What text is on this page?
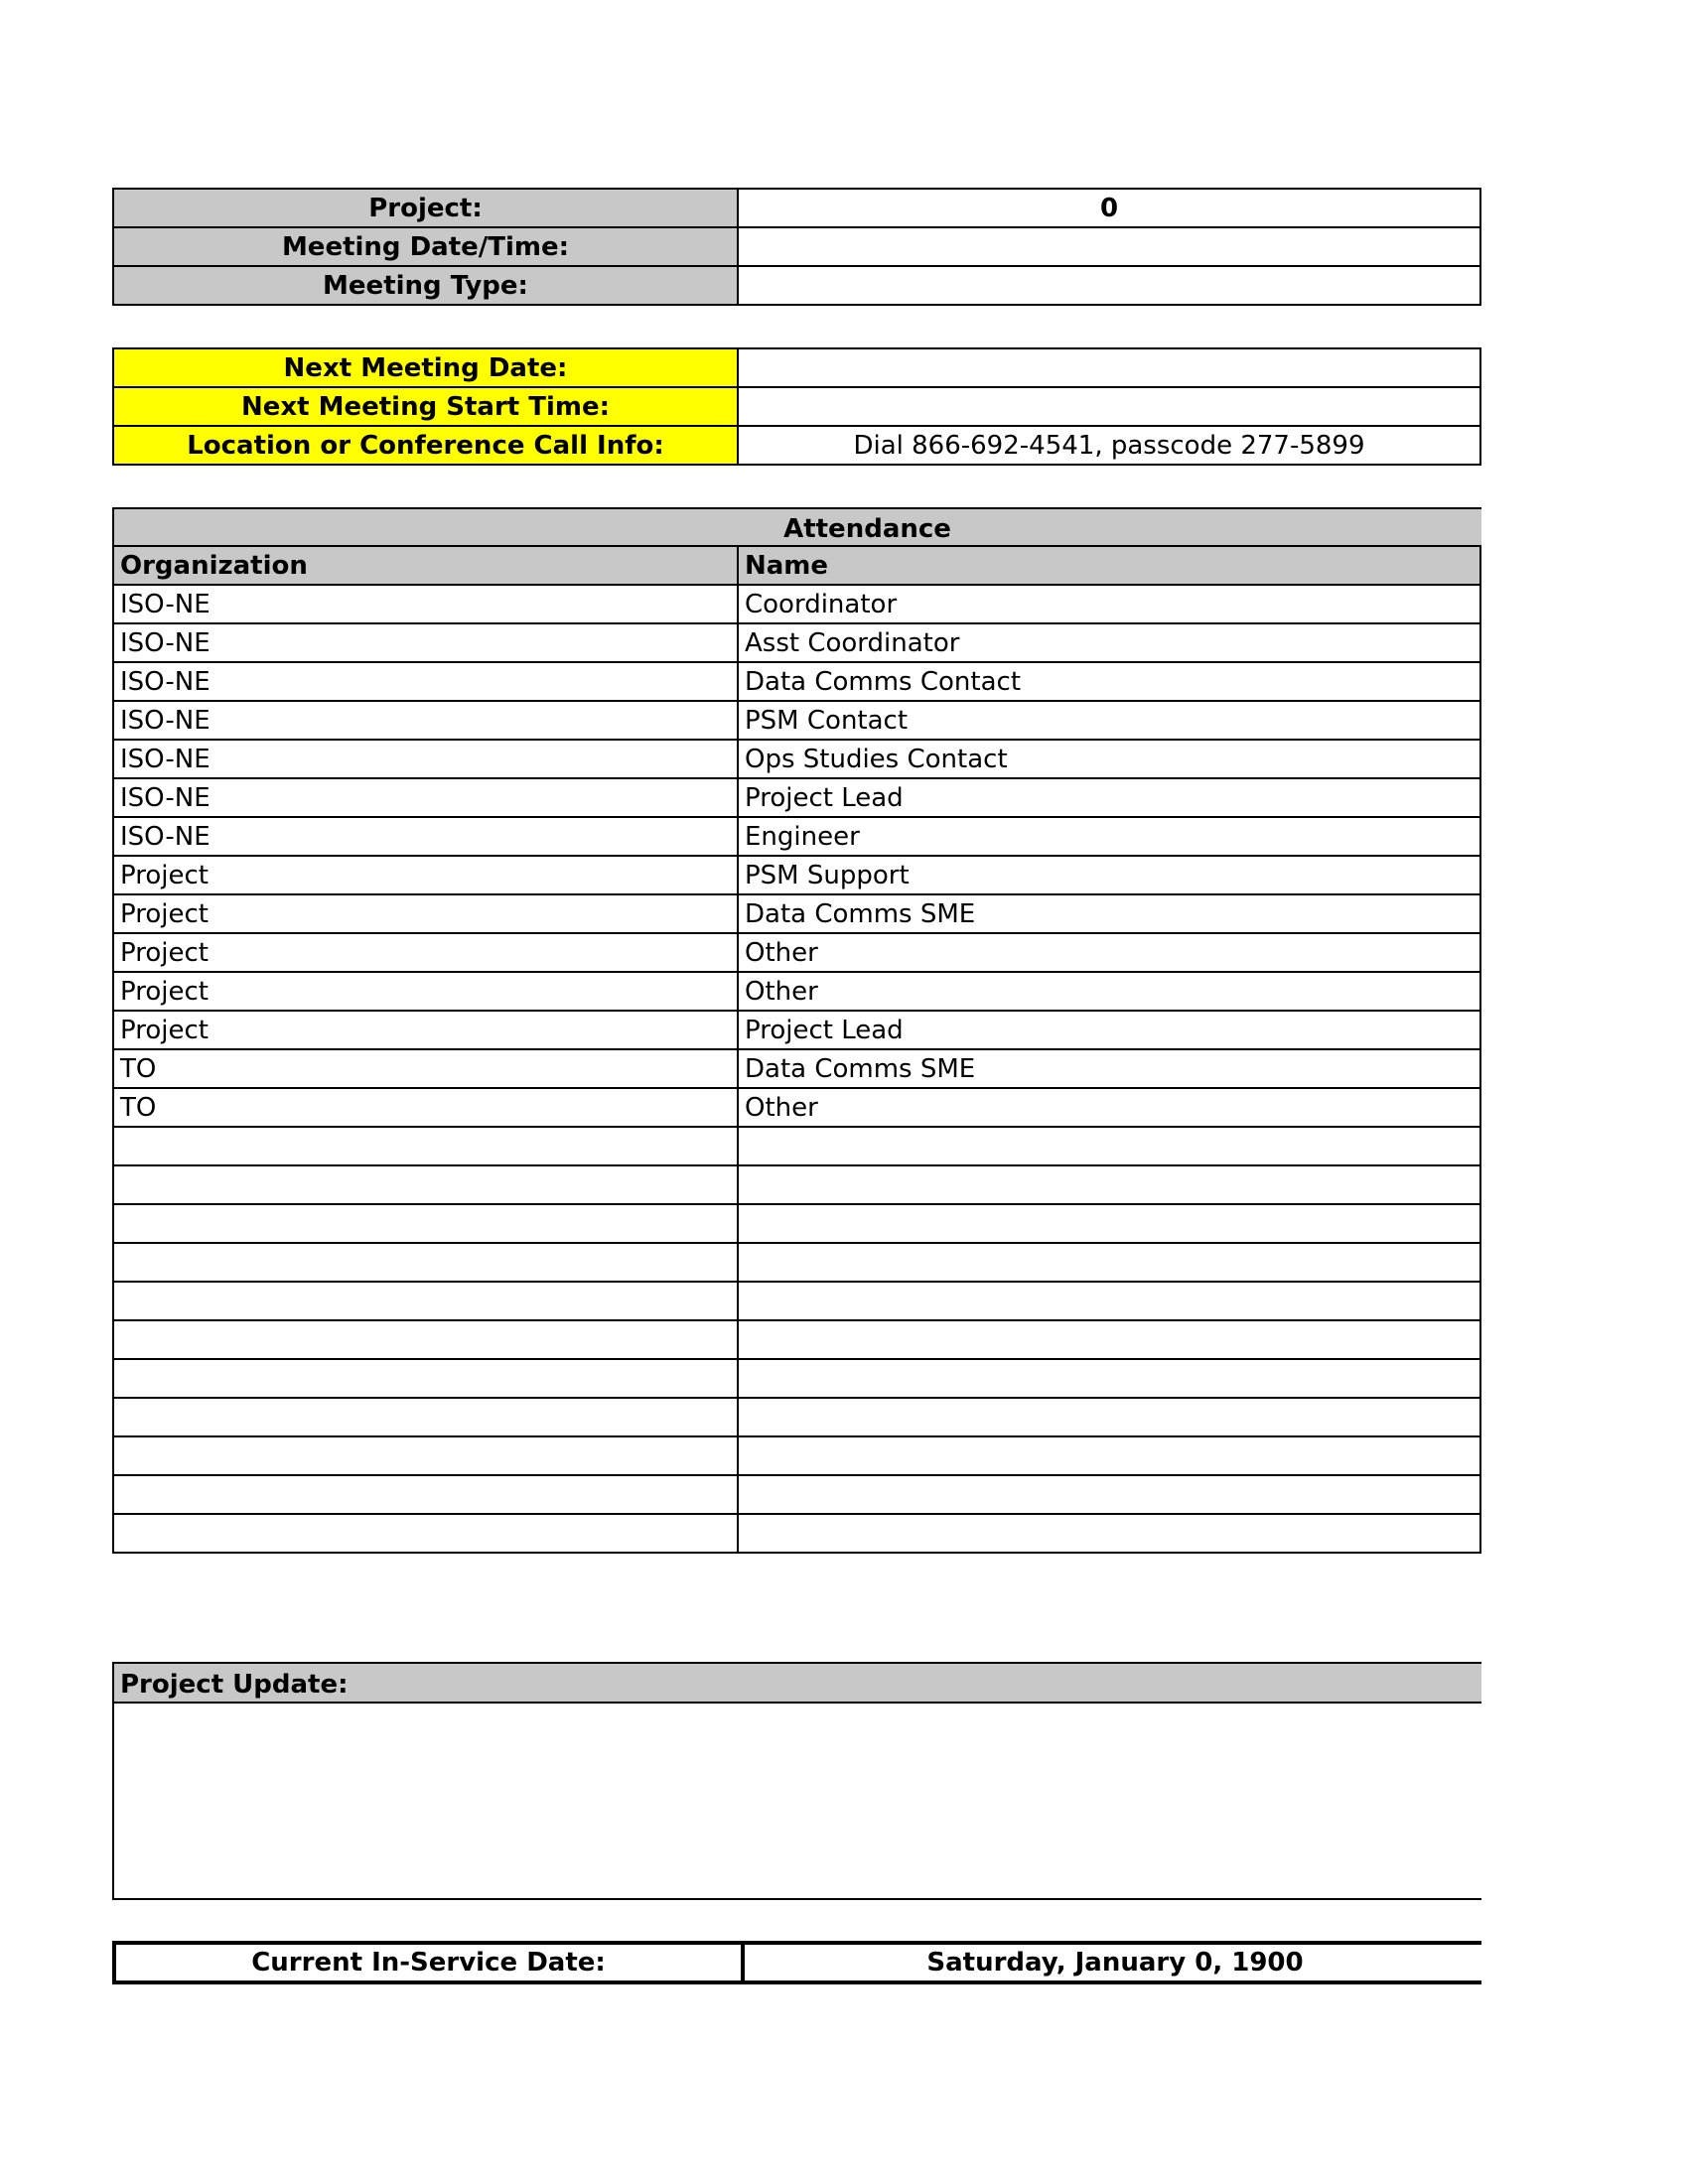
Project:	0
Meeting Date/Time:
Meeting Type:
Next Meeting Date:
Next Meeting Start Time:
Location or Conference Call Info:	Dial 866-692-4541, passcode 277-5899
Attendance
Organization	Name
ISO-NE	Coordinator
ISO-NE	Asst Coordinator
ISO-NE	Data Comms Contact
ISO-NE	PSM Contact
ISO-NE	Ops Studies Contact
ISO-NE	Project Lead
ISO-NE	Engineer
Project	PSM Support
Project	Data Comms SME
Project	Other
Project	Other
Project	Project Lead
TO	Data Comms SME
TO	Other
Project Update:
Current In-Service Date:	Saturday, January 0, 1900
